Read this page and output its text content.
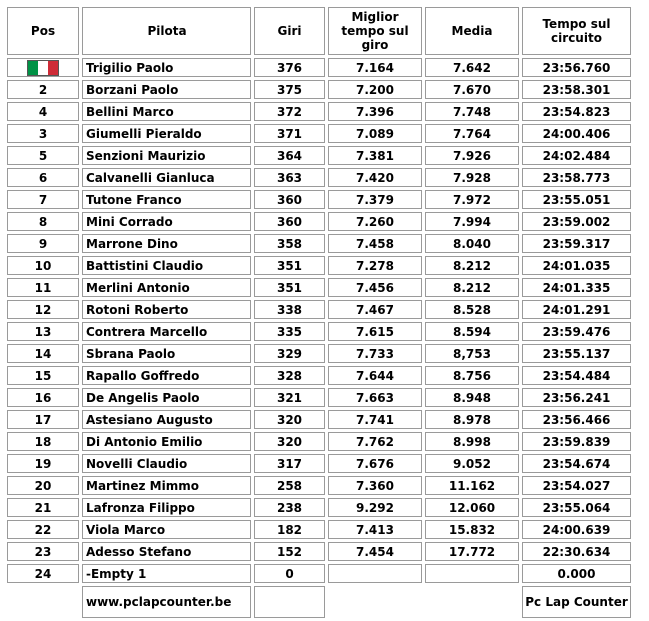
Pos	Pilota	Giri	Miglior tempo sul giro	Media	Tempo sul circuito
	Trigilio Paolo	376	7.164	7.642	23:56.760
2	Borzani Paolo	375	7.200	7.670	23:58.301
4	Bellini Marco	372	7.396	7.748	23:54.823
3	Giumelli Pieraldo	371	7.089	7.764	24:00.406
5	Senzioni Maurizio	364	7.381	7.926	24:02.484
6	Calvanelli Gianluca	363	7.420	7.928	23:58.773
7	Tutone Franco	360	7.379	7.972	23:55.051
8	Mini Corrado	360	7.260	7.994	23:59.002
9	Marrone Dino	358	7.458	8.040	23:59.317
10	Battistini Claudio	351	7.278	8.212	24:01.035
11	Merlini Antonio	351	7.456	8.212	24:01.335
12	Rotoni Roberto	338	7.467	8.528	24:01.291
13	Contrera Marcello	335	7.615	8.594	23:59.476
14	Sbrana Paolo	329	7.733	8,753	23:55.137
15	Rapallo Goffredo	328	7.644	8.756	23:54.484
16	De Angelis Paolo	321	7.663	8.948	23:56.241
17	Astesiano Augusto	320	7.741	8.978	23:56.466
18	Di Antonio Emilio	320	7.762	8.998	23:59.839
19	Novelli Claudio	317	7.676	9.052	23:54.674
20	Martinez Mimmo	258	7.360	11.162	23:54.027
21	Lafronza Filippo	238	9.292	12.060	23:55.064
22	Viola Marco	182	7.413	15.832	24:00.639
23	Adesso Stefano	152	7.454	17.772	22:30.634
24	-Empty 1	0			0.000
	www.pclapcounter.be				Pc Lap Counter
